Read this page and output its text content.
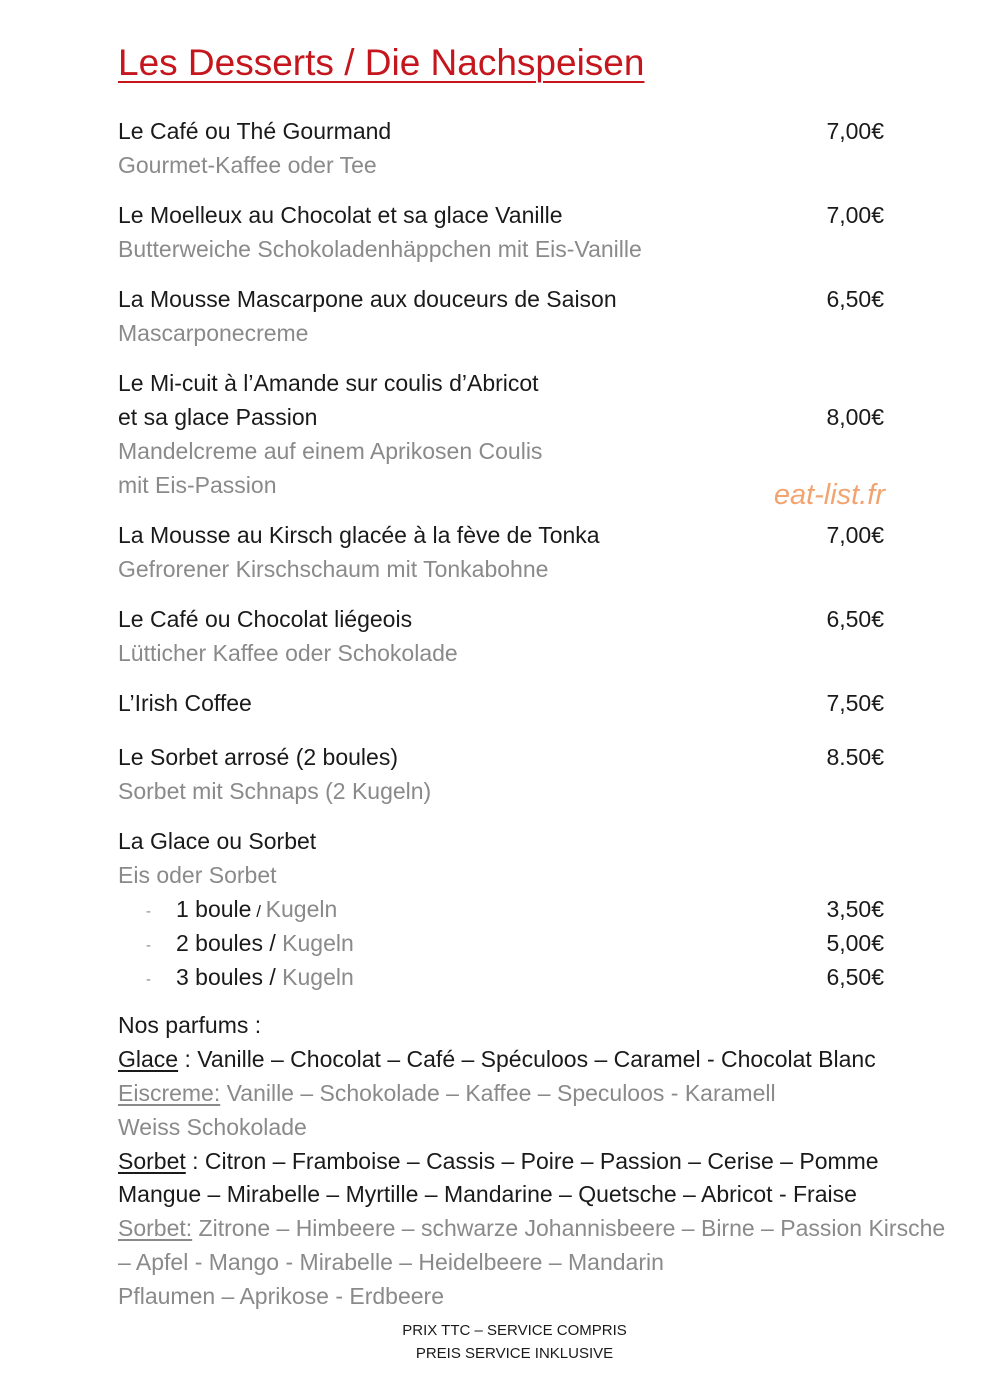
Les Desserts / Die Nachspeisen
Le Café ou Thé Gourmand	7,00€
Gourmet-Kaffee oder Tee
Le Moelleux au Chocolat et sa glace Vanille	7,00€
Butterweiche Schokoladenhäppchen mit Eis-Vanille
La Mousse Mascarpone aux douceurs de Saison	6,50€
Mascarponecreme
Le Mi-cuit à l’Amande sur coulis d’Abricot
et sa glace Passion	8,00€
Mandelcreme auf einem Aprikosen Coulis
mit Eis-Passion	eat-list.fr
La Mousse au Kirsch glacée à la fève de Tonka	7,00€
Gefrorener Kirschschaum mit Tonkabohne
Le Café ou Chocolat liégeois	6,50€
Lütticher Kaffee oder Schokolade
L’Irish Coffee	7,50€
Le Sorbet arrosé (2 boules)	8.50€
Sorbet mit Schnaps (2 Kugeln)
La Glace ou Sorbet
Eis oder Sorbet
- 1 boule / Kugeln	3,50€
- 2 boules / Kugeln	5,00€
- 3 boules / Kugeln	6,50€
Nos parfums :
Glace : Vanille – Chocolat – Café – Spéculoos – Caramel - Chocolat Blanc
Eiscreme: Vanille – Schokolade – Kaffee – Speculoos - Karamell
Weiss Schokolade
Sorbet : Citron – Framboise – Cassis – Poire – Passion – Cerise – Pomme
Mangue – Mirabelle – Myrtille – Mandarine – Quetsche – Abricot - Fraise
Sorbet: Zitrone – Himbeere – schwarze Johannisbeere – Birne – Passion Kirsche
– Apfel - Mango - Mirabelle – Heidelbeere – Mandarin
Pflaumen – Aprikose - Erdbeere
PRIX TTC – SERVICE COMPRIS
PREIS SERVICE INKLUSIVE
